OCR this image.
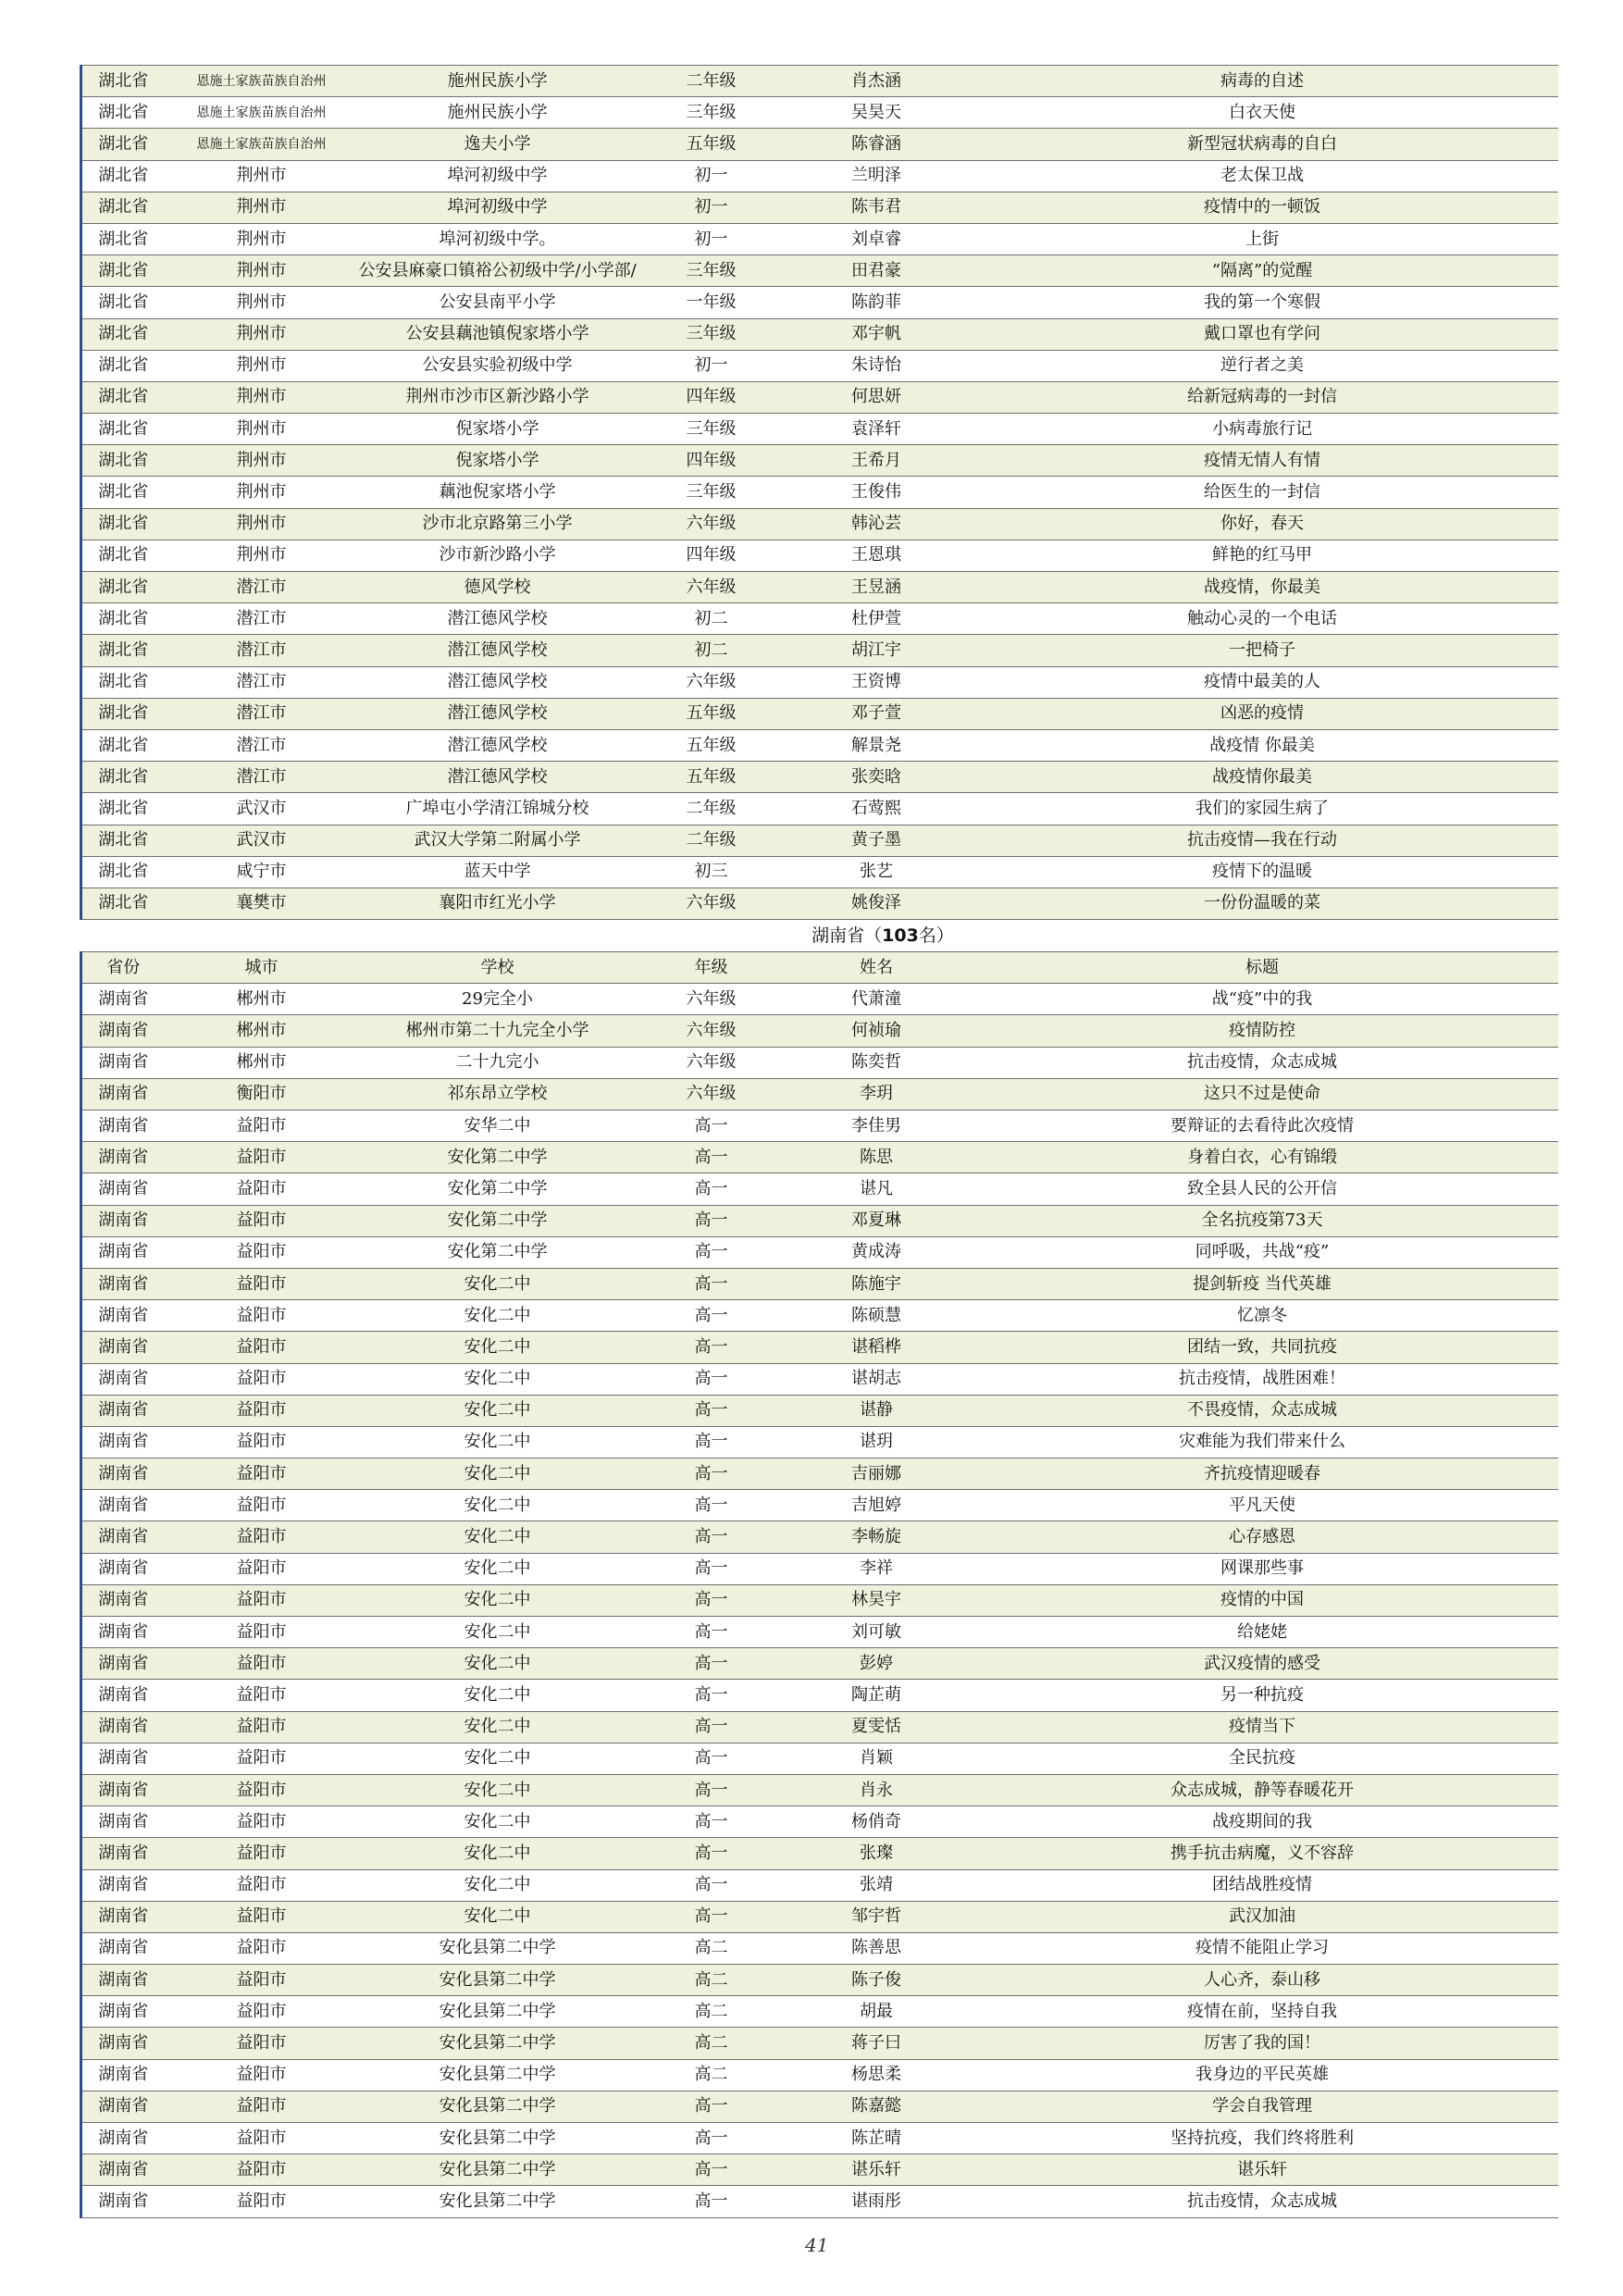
湖北省	恩施土家族苗族自治州	施州民族小学	二年级	肖杰涵	病毒的自述
湖北省	恩施土家族苗族自治州	施州民族小学	三年级	吴昊天	白衣天使
湖北省	恩施土家族苗族自治州	逸夫小学	五年级	陈睿涵	新型冠状病毒的自白
湖北省	荆州市	埠河初级中学	初一	兰明泽	老太保卫战
湖北省	荆州市	埠河初级中学	初一	陈韦君	疫情中的一顿饭
湖北省	荆州市	埠河初级中学。	初一	刘卓睿	上街
湖北省	荆州市	公安县麻豪口镇裕公初级中学/小学部/	三年级	田君豪	“隔离”的觉醒
湖北省	荆州市	公安县南平小学	一年级	陈韵菲	我的第一个寒假
湖北省	荆州市	公安县藕池镇倪家塔小学	三年级	邓宇帆	戴口罩也有学问
湖北省	荆州市	公安县实验初级中学	初一	朱诗怡	逆行者之美
湖北省	荆州市	荆州市沙市区新沙路小学	四年级	何思妍	给新冠病毒的一封信
湖北省	荆州市	倪家塔小学	三年级	袁泽轩	小病毒旅行记
湖北省	荆州市	倪家塔小学	四年级	王希月	疫情无情人有情
湖北省	荆州市	藕池倪家塔小学	三年级	王俊伟	给医生的一封信
湖北省	荆州市	沙市北京路第三小学	六年级	韩沁芸	你好，春天
湖北省	荆州市	沙市新沙路小学	四年级	王恩琪	鲜艳的红马甲
湖北省	潜江市	德风学校	六年级	王昱涵	战疫情，你最美
湖北省	潜江市	潜江德风学校	初二	杜伊萱	触动心灵的一个电话
湖北省	潜江市	潜江德风学校	初二	胡江宇	一把椅子
湖北省	潜江市	潜江德风学校	六年级	王资博	疫情中最美的人
湖北省	潜江市	潜江德风学校	五年级	邓子萱	凶恶的疫情
湖北省	潜江市	潜江德风学校	五年级	解景尧	战疫情 你最美
湖北省	潜江市	潜江德风学校	五年级	张奕晗	战疫情你最美
湖北省	武汉市	广埠屯小学清江锦城分校	二年级	石莺熙	我们的家园生病了
湖北省	武汉市	武汉大学第二附属小学	二年级	黄子墨	抗击疫情—我在行动
湖北省	咸宁市	蓝天中学	初三	张艺	疫情下的温暖
湖北省	襄樊市	襄阳市红光小学	六年级	姚俊泽	一份份温暖的菜
湖南省（103名）
省份	城市	学校	年级	姓名	标题
湖南省	郴州市	29完全小	六年级	代萧潼	战“疫”中的我
湖南省	郴州市	郴州市第二十九完全小学	六年级	何祯瑜	疫情防控
湖南省	郴州市	二十九完小	六年级	陈奕哲	抗击疫情，众志成城
湖南省	衡阳市	祁东昂立学校	六年级	李玥	这只不过是使命
湖南省	益阳市	安华二中	高一	李佳男	要辩证的去看待此次疫情
湖南省	益阳市	安化第二中学	高一	陈思	身着白衣，心有锦缎
湖南省	益阳市	安化第二中学	高一	谌凡	致全县人民的公开信
湖南省	益阳市	安化第二中学	高一	邓夏琳	全名抗疫第73天
湖南省	益阳市	安化第二中学	高一	黄成涛	同呼吸，共战“疫”
湖南省	益阳市	安化二中	高一	陈施宇	提剑斩疫 当代英雄
湖南省	益阳市	安化二中	高一	陈硕慧	忆凛冬
湖南省	益阳市	安化二中	高一	谌稻桦	团结一致，共同抗疫
湖南省	益阳市	安化二中	高一	谌胡志	抗击疫情，战胜困难！
湖南省	益阳市	安化二中	高一	谌静	不畏疫情，众志成城
湖南省	益阳市	安化二中	高一	谌玥	灾难能为我们带来什么
湖南省	益阳市	安化二中	高一	吉丽娜	齐抗疫情迎暖春
湖南省	益阳市	安化二中	高一	吉旭婷	平凡天使
湖南省	益阳市	安化二中	高一	李畅旋	心存感恩
湖南省	益阳市	安化二中	高一	李祥	网课那些事
湖南省	益阳市	安化二中	高一	林昊宇	疫情的中国
湖南省	益阳市	安化二中	高一	刘可敏	给姥姥
湖南省	益阳市	安化二中	高一	彭婷	武汉疫情的感受
湖南省	益阳市	安化二中	高一	陶芷萌	另一种抗疫
湖南省	益阳市	安化二中	高一	夏雯恬	疫情当下
湖南省	益阳市	安化二中	高一	肖颖	全民抗疫
湖南省	益阳市	安化二中	高一	肖永	众志成城，静等春暖花开
湖南省	益阳市	安化二中	高一	杨俏奇	战疫期间的我
湖南省	益阳市	安化二中	高一	张璨	携手抗击病魔，义不容辞
湖南省	益阳市	安化二中	高一	张靖	团结战胜疫情
湖南省	益阳市	安化二中	高一	邹宇哲	武汉加油
湖南省	益阳市	安化县第二中学	高二	陈善思	疫情不能阻止学习
湖南省	益阳市	安化县第二中学	高二	陈子俊	人心齐，泰山移
湖南省	益阳市	安化县第二中学	高二	胡最	疫情在前，坚持自我
湖南省	益阳市	安化县第二中学	高二	蒋子曰	厉害了我的国！
湖南省	益阳市	安化县第二中学	高二	杨思柔	我身边的平民英雄
湖南省	益阳市	安化县第二中学	高一	陈嘉懿	学会自我管理
湖南省	益阳市	安化县第二中学	高一	陈芷晴	坚持抗疫，我们终将胜利
湖南省	益阳市	安化县第二中学	高一	谌乐轩	谌乐轩
湖南省	益阳市	安化县第二中学	高一	谌雨彤	抗击疫情，众志成城
41
